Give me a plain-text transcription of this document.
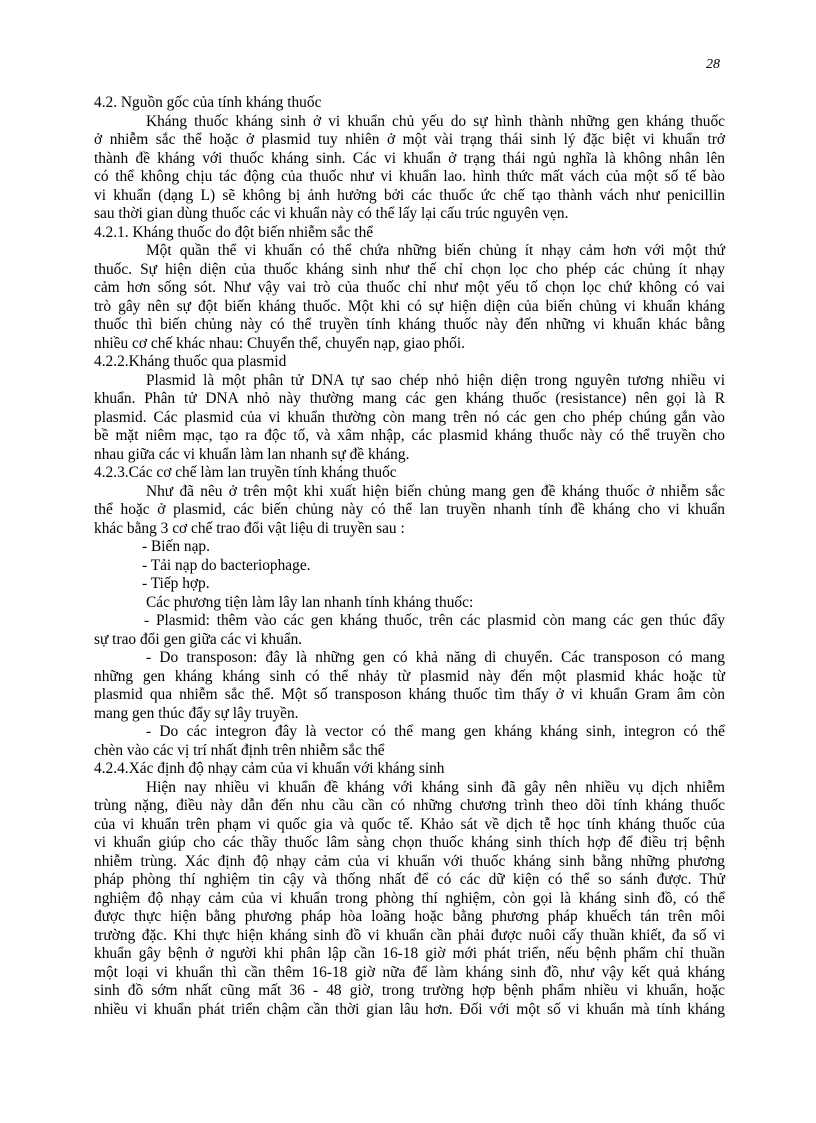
28
4.2. Nguồn gốc của tính kháng thuốc
Kháng thuốc kháng sinh ở vi khuẩn chủ yếu do sự hình thành những gen kháng thuốc
ở nhiễm sắc thể hoặc ở plasmid tuy nhiên ở một vài trạng thái sinh lý đặc biệt vi khuẩn trở
thành đề kháng với thuốc kháng sinh. Các vi khuẩn ở trạng thái ngủ nghĩa là không nhân lên
có thể không chịu tác động của thuốc như vi khuẩn lao. hình thức mất vách của một số tế bào
vi khuẩn (dạng L) sẽ không bị ảnh hưởng bởi các thuốc ức chế tạo thành vách như penicillin
sau thời gian dùng thuốc các vi khuẩn này có thể lấy lại cấu trúc nguyên vẹn.
4.2.1. Kháng thuốc do đột biến nhiễm sắc thể
Một quần thể vi khuẩn có thể chứa những biến chủng ít nhạy cảm hơn với một thứ
thuốc. Sự hiện diện của thuốc kháng sinh như thế chỉ chọn lọc cho phép các chủng ít nhạy
cảm hơn sống sót. Như vậy vai trò của thuốc chỉ như một yếu tố chọn lọc chứ không có vai
trò gây nên sự đột biến kháng thuốc. Một khi có sự hiện diện của biến chủng vi khuẩn kháng
thuốc thì biến chủng này có thể truyền tính kháng thuốc này đến những vi khuẩn khác bằng
nhiều cơ chế khác nhau: Chuyển thể, chuyển nạp, giao phối.
4.2.2.Kháng thuốc qua plasmid
Plasmid là một phân tử DNA tự sao chép nhỏ hiện diện trong nguyên tương nhiều vi
khuẩn. Phân tử DNA nhỏ này thường mang các gen kháng thuốc (resistance) nên gọi là R
plasmid. Các plasmid của vi khuẩn thường còn mang trên nó các gen cho phép chúng gắn vào
bề mặt niêm mạc, tạo ra độc tố, và xâm nhập, các plasmid kháng thuốc này có thể truyền cho
nhau giữa các vi khuẩn làm lan nhanh sự đề kháng.
4.2.3.Các cơ chế làm lan truyền tính kháng thuốc
Như đã nêu ở trên một khi xuất hiện biến chủng mang gen đề kháng thuốc ở nhiễm sắc
thể hoặc ở plasmid, các biến chủng này có thể lan truyền nhanh tính đề kháng cho vi khuẩn
khác bằng 3 cơ chế trao đổi vật liệu di truyền sau :
- Biến nạp.
- Tải nạp do bacteriophage.
- Tiếp hợp.
Các phương tiện làm lây lan nhanh tính kháng thuốc:
- Plasmid: thêm vào các gen kháng thuốc, trên các plasmid còn mang các gen thúc đẩy
sự trao đổi gen giữa các vi khuẩn.
- Do transposon: đây là những gen có khả năng di chuyển. Các transposon có mang
những gen kháng kháng sinh có thể nhảy từ plasmid này đến một plasmid khác hoặc từ
plasmid qua nhiễm sắc thể. Một số transposon kháng thuốc tìm thấy ở vi khuẩn Gram âm còn
mang gen thúc đẩy sự lây truyền.
- Do các integron đây là vector có thể mang gen kháng kháng sinh, integron có thể
chèn vào các vị trí nhất định trên nhiễm sắc thể
4.2.4.Xác định độ nhạy cảm của vi khuẩn với kháng sinh
Hiện nay nhiều vi khuẩn đề kháng với kháng sinh đã gây nên nhiều vụ dịch nhiễm
trùng nặng, điều này dẫn đến nhu cầu cần có những chương trình theo dõi tính kháng thuốc
của vi khuẩn trên phạm vi quốc gia và quốc tế. Khảo sát về dịch tễ học tính kháng thuốc của
vi khuẩn giúp cho các thầy thuốc lâm sàng chọn thuốc kháng sinh thích hợp để điều trị bệnh
nhiễm trùng. Xác định độ nhạy cảm của vi khuẩn với thuốc kháng sinh bằng những phương
pháp phòng thí nghiệm tin cậy và thống nhất để có các dữ kiện có thể so sánh được. Thử
nghiệm độ nhạy cảm của vi khuẩn trong phòng thí nghiệm, còn gọi là kháng sinh đồ, có thể
được thực hiện bằng phương pháp hòa loãng hoặc bằng phương pháp khuếch tán trên môi
trường đặc. Khi thực hiện kháng sinh đồ vi khuẩn cần phải được nuôi cấy thuần khiết, đa số vi
khuẩn gây bệnh ở người khi phân lập cần 16-18 giờ mới phát triển, nếu bệnh phẩm chỉ thuần
một loại vi khuẩn thì cần thêm 16-18 giờ nữa để làm kháng sinh đồ, như vậy kết quả kháng
sinh đồ sớm nhất cũng mất 36 - 48 giờ, trong trường hợp bệnh phẩm nhiều vi khuẩn, hoặc
nhiều vi khuẩn phát triển chậm cần thời gian lâu hơn. Đối với một số vi khuẩn mà tính kháng
